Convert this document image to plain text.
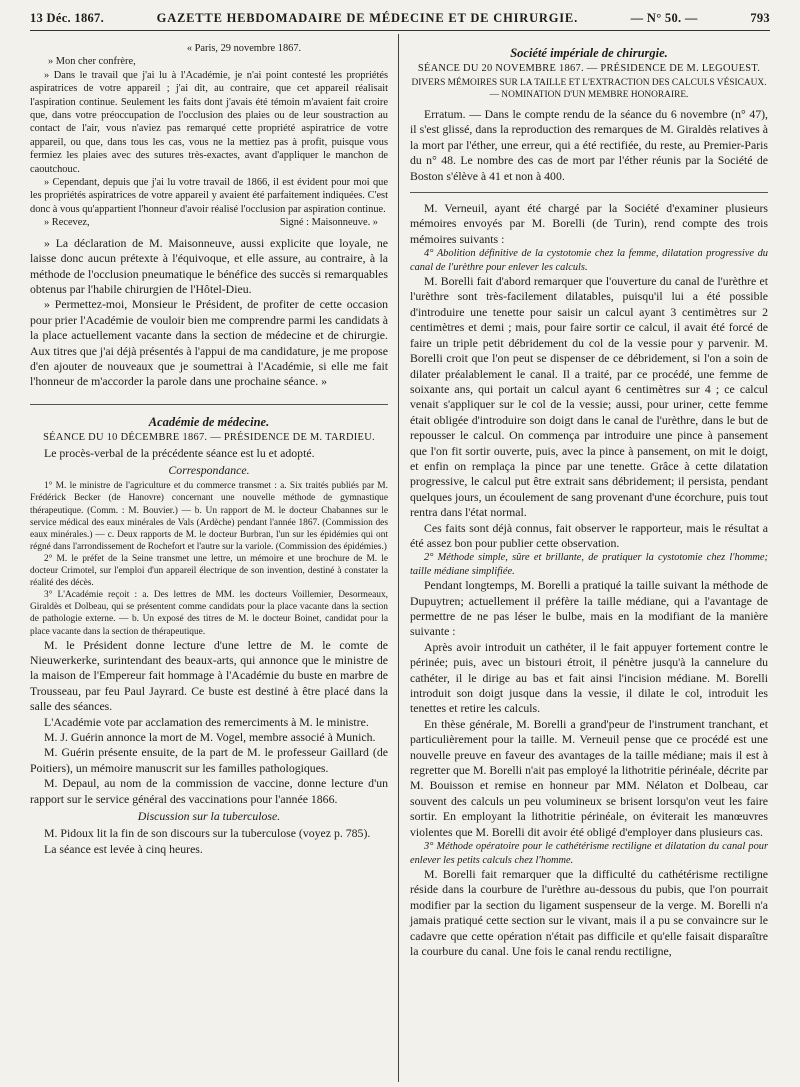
13 Déc. 1867.	GAZETTE HEBDOMADAIRE DE MÉDECINE ET DE CHIRURGIE.	— N° 50. —	793

« Paris, 29 novembre 1867.

» Mon cher confrère,

» Dans le travail que j'ai lu à l'Académie, je n'ai point contesté les propriétés aspiratrices de votre appareil ; j'ai dit, au contraire, que cet appareil réalisait l'aspiration continue. Seulement les faits dont j'avais été témoin m'avaient fait croire que, dans votre préoccupation de l'occlusion des plaies ou de leur soustraction au contact de l'air, vous n'aviez pas remarqué cette propriété aspiratrice de votre appareil, ou que, dans tous les cas, vous ne la mettiez pas à profit, puisque vous fermiez les plaies avec des sutures très-exactes, avant d'appliquer le manchon de caoutchouc.

» Cependant, depuis que j'ai lu votre travail de 1866, il est évident pour moi que les propriétés aspiratrices de votre appareil y avaient été parfaitement indiquées. C'est donc à vous qu'appartient l'honneur d'avoir réalisé l'occlusion par aspiration continue.

» Recevez,	Signé : Maisonneuve. »

» La déclaration de M. Maisonneuve, aussi explicite que loyale, ne laisse donc aucun prétexte à l'équivoque, et elle assure, au contraire, à la méthode de l'occlusion pneumatique le bénéfice des succès si remarquables obtenus par l'habile chirurgien de l'Hôtel-Dieu.

» Permettez-moi, Monsieur le Président, de profiter de cette occasion pour prier l'Académie de vouloir bien me comprendre parmi les candidats à la place actuellement vacante dans la section de médecine et de chirurgie. Aux titres que j'ai déjà présentés à l'appui de ma candidature, je me propose d'en ajouter de nouveaux que je soumettrai à l'Académie, si elle me fait l'honneur de m'accorder la parole dans une prochaine séance. »

Académie de médecine.

SÉANCE DU 10 DÉCEMBRE 1867. — PRÉSIDENCE DE M. TARDIEU.

Le procès-verbal de la précédente séance est lu et adopté.

Correspondance.

1° M. le ministre de l'agriculture et du commerce transmet : a. Six traités publiés par M. Frédérick Becker (de Hanovre) concernant une nouvelle méthode de gymnastique thérapeutique. (Comm. : M. Bouvier.) — b. Un rapport de M. le docteur Chabannes sur le service médical des eaux minérales de Vals (Ardèche) pendant l'année 1867. (Commission des eaux minérales.) — c. Deux rapports de M. le docteur Burbran, l'un sur les épidémies qui ont régné dans l'arrondissement de Rochefort et l'autre sur la variole. (Commission des épidémies.)

2° M. le préfet de la Seine transmet une lettre, un mémoire et une brochure de M. le docteur Crimotel, sur l'emploi d'un appareil électrique de son invention, destiné à constater la réalité des décès.

3° L'Académie reçoit : a. Des lettres de MM. les docteurs Voillemier, Desormeaux, Giraldès et Dolbeau, qui se présentent comme candidats pour la place vacante dans la section de pathologie externe. — b. Un exposé des titres de M. le docteur Boinet, candidat pour la place vacante dans la section de thérapeutique.

M. le Président donne lecture d'une lettre de M. le comte de Nieuwerkerke, surintendant des beaux-arts, qui annonce que le ministre de la maison de l'Empereur fait hommage à l'Académie du buste en marbre de Trousseau, par feu Paul Jayrard. Ce buste est destiné à être placé dans la salle des séances.

L'Académie vote par acclamation des remerciments à M. le ministre.

M. J. Guérin annonce la mort de M. Vogel, membre associé à Munich.

M. Guérin présente ensuite, de la part de M. le professeur Gaillard (de Poitiers), un mémoire manuscrit sur les familles pathologiques.

M. Depaul, au nom de la commission de vaccine, donne lecture d'un rapport sur le service général des vaccinations pour l'année 1866.

Discussion sur la tuberculose.

M. Pidoux lit la fin de son discours sur la tuberculose (voyez p. 785).

La séance est levée à cinq heures.

Société impériale de chirurgie.

SÉANCE DU 20 NOVEMBRE 1867. — PRÉSIDENCE DE M. LEGOUEST.

DIVERS MÉMOIRES SUR LA TAILLE ET L'EXTRACTION DES CALCULS VÉSICAUX.

— NOMINATION D'UN MEMBRE HONORAIRE.

Erratum. — Dans le compte rendu de la séance du 6 novembre (n° 47), il s'est glissé, dans la reproduction des remarques de M. Giraldès relatives à la mort par l'éther, une erreur, qui a été rectifiée, du reste, au Premier-Paris du n° 48. Le nombre des cas de mort par l'éther réunis par la Société de Boston s'élève à 41 et non à 400.

M. Verneuil, ayant été chargé par la Société d'examiner plusieurs mémoires envoyés par M. Borelli (de Turin), rend compte des trois mémoires suivants :

4° Abolition définitive de la cystotomie chez la femme, dilatation progressive du canal de l'urèthre pour enlever les calculs.

M. Borelli fait d'abord remarquer que l'ouverture du canal de l'urèthre et l'urèthre sont très-facilement dilatables, puisqu'il lui a été possible d'introduire une tenette pour saisir un calcul ayant 3 centimètres sur 2 centimètres et demi ; mais, pour faire sortir ce calcul, il avait été forcé de faire un triple petit débridement du col de la vessie pour y parvenir. M. Borelli croit que l'on peut se dispenser de ce débridement, si l'on a soin de dilater préalablement le canal. Il a traité, par ce procédé, une femme de soixante ans, qui portait un calcul ayant 6 centimètres sur 4 ; ce calcul venait s'appliquer sur le col de la vessie; aussi, pour uriner, cette femme était obligée d'introduire son doigt dans le canal de l'urèthre, dans le but de repousser le calcul. On commença par introduire une pince à pansement que l'on fit sortir ouverte, puis, avec la pince à pansement, on mit le doigt, et enfin on remplaça la pince par une tenette. Grâce à cette dilatation progressive, le calcul put être extrait sans débridement; il persista, pendant quelques jours, un écoulement de sang provenant d'une écorchure, puis tout rentra dans l'état normal.

Ces faits sont déjà connus, fait observer le rapporteur, mais le résultat a été assez bon pour publier cette observation.

2° Méthode simple, sûre et brillante, de pratiquer la cystotomie chez l'homme; taille médiane simplifiée.

Pendant longtemps, M. Borelli a pratiqué la taille suivant la méthode de Dupuytren; actuellement il préfère la taille médiane, qui a l'avantage de permettre de ne pas léser le bulbe, mais en la modifiant de la manière suivante :

Après avoir introduit un cathéter, il le fait appuyer fortement contre le périnée; puis, avec un bistouri étroit, il pénètre jusqu'à la cannelure du cathéter, il le dirige au bas et fait ainsi l'incision médiane. M. Borelli introduit son doigt jusque dans la vessie, il dilate le col, introduit les tenettes et retire les calculs.

En thèse générale, M. Borelli a grand'peur de l'instrument tranchant, et particulièrement pour la taille. M. Verneuil pense que ce procédé est une nouvelle preuve en faveur des avantages de la taille médiane; mais il est à regretter que M. Borelli n'ait pas employé la lithotritie périnéale, décrite par M. Bouisson et remise en honneur par MM. Nélaton et Dolbeau, car souvent des calculs un peu volumineux se brisent lorsqu'on veut les faire sortir. En employant la lithotritie périnéale, on éviterait les manœuvres violentes que M. Borelli dit avoir été obligé d'employer dans plusieurs cas.

3° Méthode opératoire pour le cathétérisme rectiligne et dilatation du canal pour enlever les petits calculs chez l'homme.

M. Borelli fait remarquer que la difficulté du cathétérisme rectiligne réside dans la courbure de l'urèthre au-dessous du pubis, que l'on pourrait modifier par la section du ligament suspenseur de la verge. M. Borelli n'a jamais pratiqué cette section sur le vivant, mais il a pu se convaincre sur le cadavre que cette opération n'était pas difficile et qu'elle faisait disparaître la courbure du canal. Une fois le canal rendu rectiligne,
